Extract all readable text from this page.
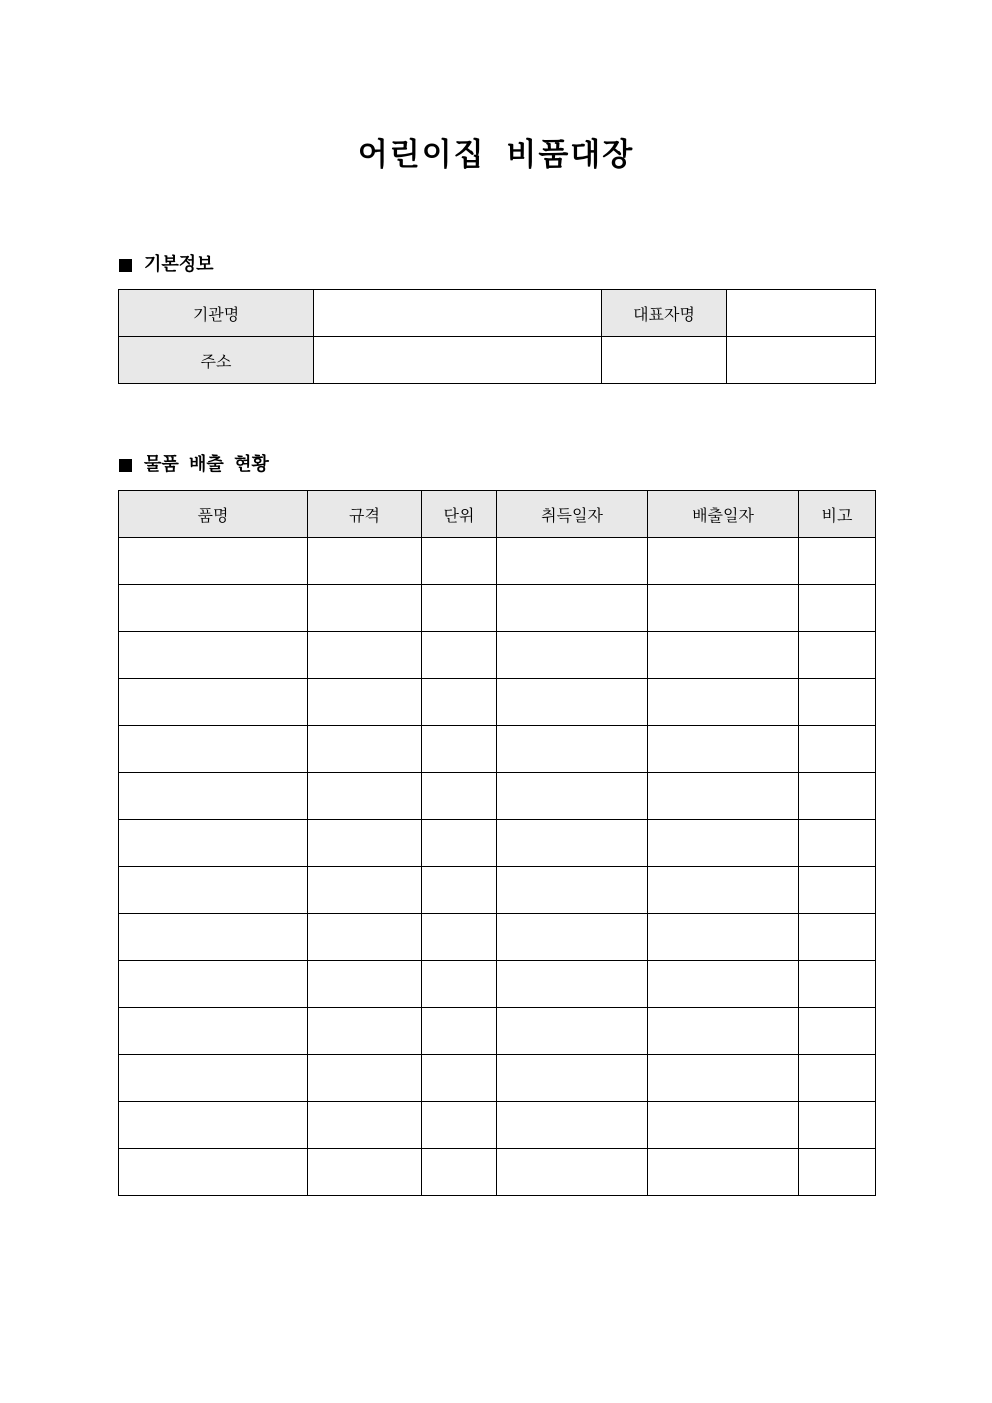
어린이집 비품대장
기본정보
기관명		대표자명	
주소			
물품 배출 현황
품명	규격	단위	취득일자	배출일자	비고
